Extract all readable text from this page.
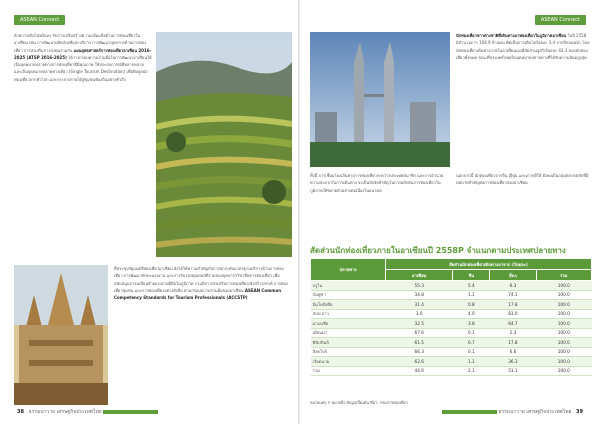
ASEAN Connect
ด้วยการเดินไปพร้อมๆ กับการเสริมสร้างความเข้มแข็งด้านการท่องเที่ยวในอาเซียน เช่น การพัฒนาผลิตภัณฑ์และบริการ การพัฒนาบุคลากรด้านการท่องเที่ยว การส่งเสริมการลงทุนร่วมกัน แผนยุทธศาสตร์การท่องเที่ยวอาเซียน 2016-2025 (ATSP 2016-2025) ได้วางกรอบความร่วมมือในการพัฒนาอาเซียนให้เป็นจุดหมายปลายทางการท่องเที่ยวที่มีคุณภาพ ให้ประสบการณ์ที่หลากหลาย และเป็นจุดหมายปลายทางเดียว (Single Tourism Destination) เพื่อดึงดูดนักท่องเที่ยวจากทั่วโลก และกระจายรายได้สู่ชุมชนท้องถิ่นอย่างทั่วถึง
ที่ประชุมรัฐมนตรีท่องเที่ยวอาเซียน ยังได้ให้ความสำคัญกับการยกระดับมาตรฐานบริการด้านการท่องเที่ยว การพัฒนาทักษะแรงงาน และการรับรองคุณสมบัติร่วมของบุคลากรวิชาชีพการท่องเที่ยว เพื่อสนับสนุนการเคลื่อนย้ายแรงงานฝีมือในภูมิภาค รวมถึงการส่งเสริมการท่องเที่ยวเชิงสร้างสรรค์ การท่องเที่ยวชุมชน และการท่องเที่ยวอย่างยั่งยืน ตามกรอบความร่วมมือของอาเซียน ASEAN Common Competency Standards for Tourism Professionals (ACCSTP)
38 ธรรมนาวาย เศรษฐกิจประเทศไทย
ASEAN Connect
นักท่องเที่ยวชาวต่างชาติที่เดินทางมาท่องเที่ยวในภูมิภาคอาเซียน ในปี 2558 มีจำนวนกว่า 108.9 ล้านคน คิดเป็นการเติบโตร้อยละ 3.4 จากปีก่อนหน้า โดยนักท่องเที่ยวเดินทางภายในอาเซียนเองมีสัดส่วนสูงถึงร้อยละ 42.3 ของนักท่องเที่ยวทั้งหมด ขณะที่ประเทศไทยเป็นจุดหมายปลายทางที่ได้รับความนิยมสูงสุด
ทั้งนี้ การเชื่อมโยงเส้นทางการท่องเที่ยวระหว่างประเทศสมาชิก และการอำนวยความสะดวกในการเดินทาง จะเป็นปัจจัยสำคัญในการผลักดันการท่องเที่ยวในภูมิภาคให้ขยายตัวอย่างต่อเนื่องในอนาคต
นอกจากนี้ นักท่องเที่ยวจากจีน ญี่ปุ่น และเกาหลีใต้ ยังคงเป็นกลุ่มตลาดหลักที่มีบทบาทสำคัญต่อการท่องเที่ยวของอาเซียน
สัดส่วนนักท่องเที่ยวภายในอาเซียนปี 2558P จำแนกตามประเทศปลายทาง
ปลายทาง	สัดส่วนนักท่องเที่ยวเดินทางมาจาก (ร้อยละ)			
	อาเซียน	จีน	อื่นๆ	รวม
บรูไน	55.3	5.4	6.3	100.0
กัมพูชา	34.8	1.1	74.1	100.0
อินโดนีเซีย	31.4	0.8	17.8	100.0
สปป.ลาว	3.0	4.0	83.0	100.0
มาเลเซีย	32.5	3.8	64.7	100.0
เมียนมา	67.6	0.1	2.3	100.0
ฟิลิปปินส์	61.5	0.7	17.8	100.0
สิงคโปร์	66.3	0.1	6.6	100.0
เวียดนาม	62.6	1.1	36.3	100.0
รวม	44.6	2.1	53.1	100.0
หมายเหตุ: P หมายถึง ข้อมูลเบื้องต้น ที่มา: กรมการท่องเที่ยว
ธรรมนาวาย เศรษฐกิจประเทศไทย 39
